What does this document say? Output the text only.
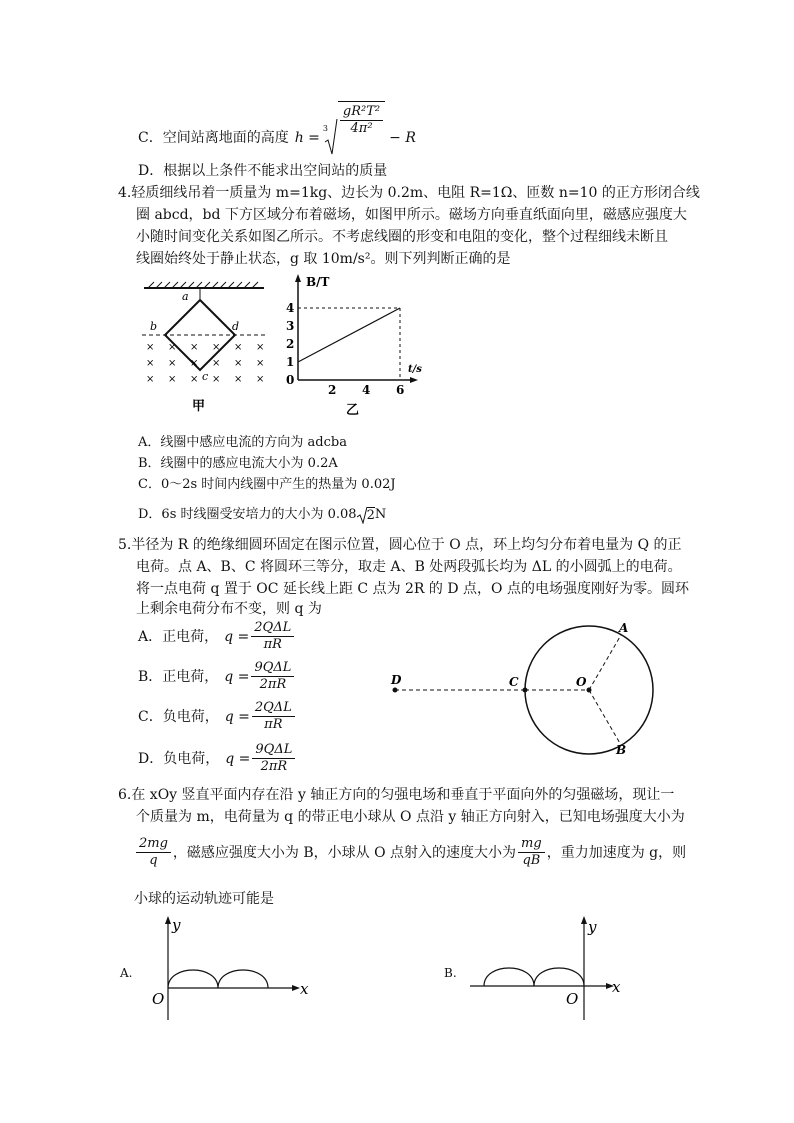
C．空间站离地面的高度 h =
$3 \frac{\text{gR²T²}}{\text{4π²}}$
− R
D．根据以上条件不能求出空间站的质量
4.轻质细线吊着一质量为 m=1kg、边长为 0.2m、电阻 R=1Ω、匝数 n=10 的正方形闭合线
圈 abcd，bd 下方区域分布着磁场，如图甲所示。磁场方向垂直纸面向里，磁感应强度大
小随时间变化关系如图乙所示。不考虑线圈的形变和电阻的变化，整个过程细线未断且
线圈始终处于静止状态，g 取 10m/s²。则下列判断正确的是
× × × × × ×
× × × × × ×
× × × × × ×
a
b
c
d
甲
B/T
t/s
0
2 4 6
1
2
3
4
乙
A．线圈中感应电流的方向为 adcba
B．线圈中的感应电流大小为 0.2A
C．0～2s 时间内线圈中产生的热量为 0.02J
D．6s 时线圈受安培力的大小为 0.08 2 N
5.半径为 R 的绝缘细圆环固定在图示位置，圆心位于 O 点，环上均匀分布着电量为 Q 的正
电荷。点 A、B、C 将圆环三等分，取走 A、B 处两段弧长均为 ΔL 的小圆弧上的电荷。
将一点电荷 q 置于 OC 延长线上距 C 点为 2R 的 D 点，O 点的电场强度刚好为零。圆环
上剩余电荷分布不变，则 q 为
A．正电荷， $q = \frac{\text{2QΔL}}{\pi R}$
B．正电荷， $q = \frac{\text{9QΔL}}{2\pi R}$
C．负电荷， $q = \frac{\text{2QΔL}}{\pi R}$
D．负电荷， $q = \frac{\text{9QΔL}}{2\pi R}$
D	C	O
A
B
6.在 xOy 竖直平面内存在沿 y 轴正方向的匀强电场和垂直于平面向外的匀强磁场，现让一
个质量为 m，电荷量为 q 的带正电小球从 O 点沿 y 轴正方向射入，已知电场强度大小为
$\frac{2mg}{q}$ ，磁感应强度大小为 B，小球从 O 点射入的速度大小为 $\frac{mg}{qB}$ ，重力加速度为 g，则
小球的运动轨迹可能是
A.
y
x
O
B.
y
x
O
